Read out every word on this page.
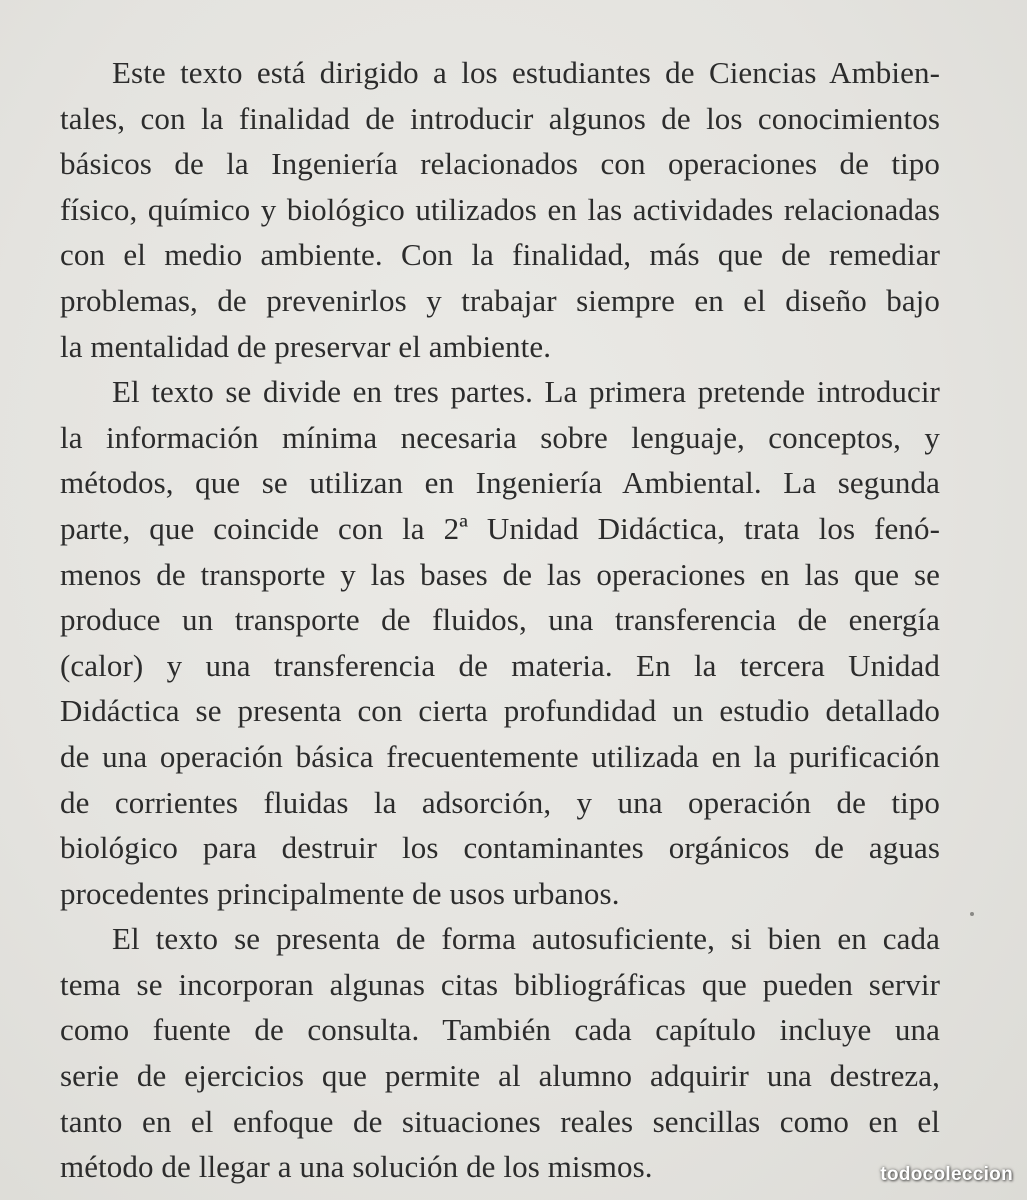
Este texto está dirigido a los estudiantes de Ciencias Ambien-
tales, con la finalidad de introducir algunos de los conocimientos
básicos de la Ingeniería relacionados con operaciones de tipo
físico, químico y biológico utilizados en las actividades relacionadas
con el medio ambiente. Con la finalidad, más que de remediar
problemas, de prevenirlos y trabajar siempre en el diseño bajo
la mentalidad de preservar el ambiente.
El texto se divide en tres partes. La primera pretende introducir
la información mínima necesaria sobre lenguaje, conceptos, y
métodos, que se utilizan en Ingeniería Ambiental. La segunda
parte, que coincide con la 2ª Unidad Didáctica, trata los fenó-
menos de transporte y las bases de las operaciones en las que se
produce un transporte de fluidos, una transferencia de energía
(calor) y una transferencia de materia. En la tercera Unidad
Didáctica se presenta con cierta profundidad un estudio detallado
de una operación básica frecuentemente utilizada en la purificación
de corrientes fluidas la adsorción, y una operación de tipo
biológico para destruir los contaminantes orgánicos de aguas
procedentes principalmente de usos urbanos.
El texto se presenta de forma autosuficiente, si bien en cada
tema se incorporan algunas citas bibliográficas que pueden servir
como fuente de consulta. También cada capítulo incluye una
serie de ejercicios que permite al alumno adquirir una destreza,
tanto en el enfoque de situaciones reales sencillas como en el
método de llegar a una solución de los mismos.	todocoleccion
